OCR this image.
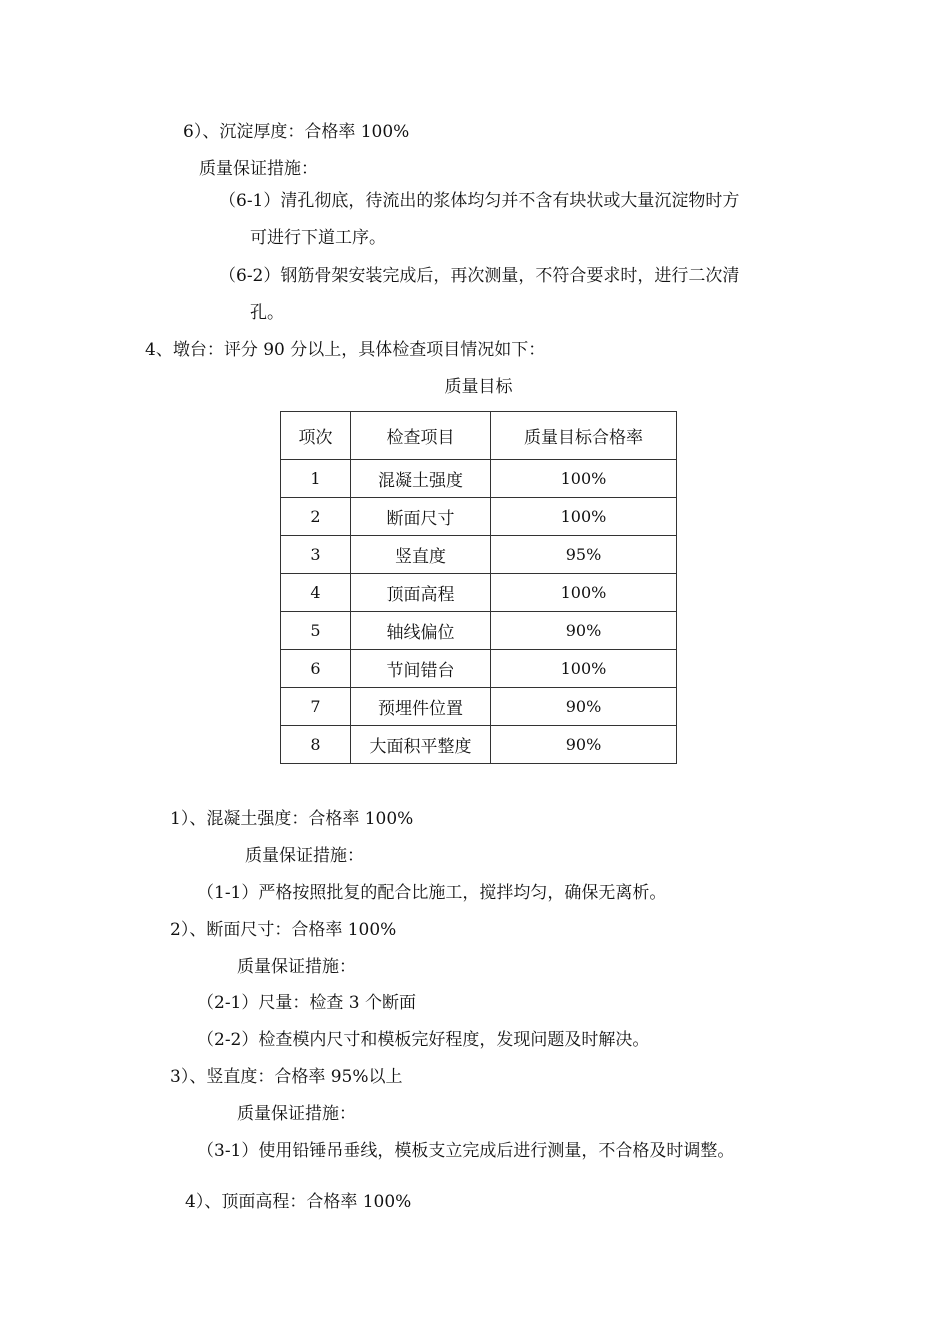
6）、沉淀厚度：合格率 100%
质量保证措施：
（6-1）清孔彻底，待流出的浆体均匀并不含有块状或大量沉淀物时方
可进行下道工序。
（6-2）钢筋骨架安装完成后，再次测量，不符合要求时，进行二次清
孔。
4、墩台：评分 90 分以上，具体检查项目情况如下：
质量目标
项次	检查项目	质量目标合格率
1	混凝土强度	100%
2	断面尺寸	100%
3	竖直度	95%
4	顶面高程	100%
5	轴线偏位	90%
6	节间错台	100%
7	预埋件位置	90%
8	大面积平整度	90%
1）、混凝土强度：合格率 100%
质量保证措施：
（1-1）严格按照批复的配合比施工，搅拌均匀，确保无离析。
2）、断面尺寸：合格率 100%
质量保证措施：
（2-1）尺量：检查 3 个断面
（2-2）检查模内尺寸和模板完好程度，发现问题及时解决。
3）、竖直度：合格率 95%以上
质量保证措施：
（3-1）使用铅锤吊垂线，模板支立完成后进行测量，不合格及时调整。
4）、顶面高程：合格率 100%
